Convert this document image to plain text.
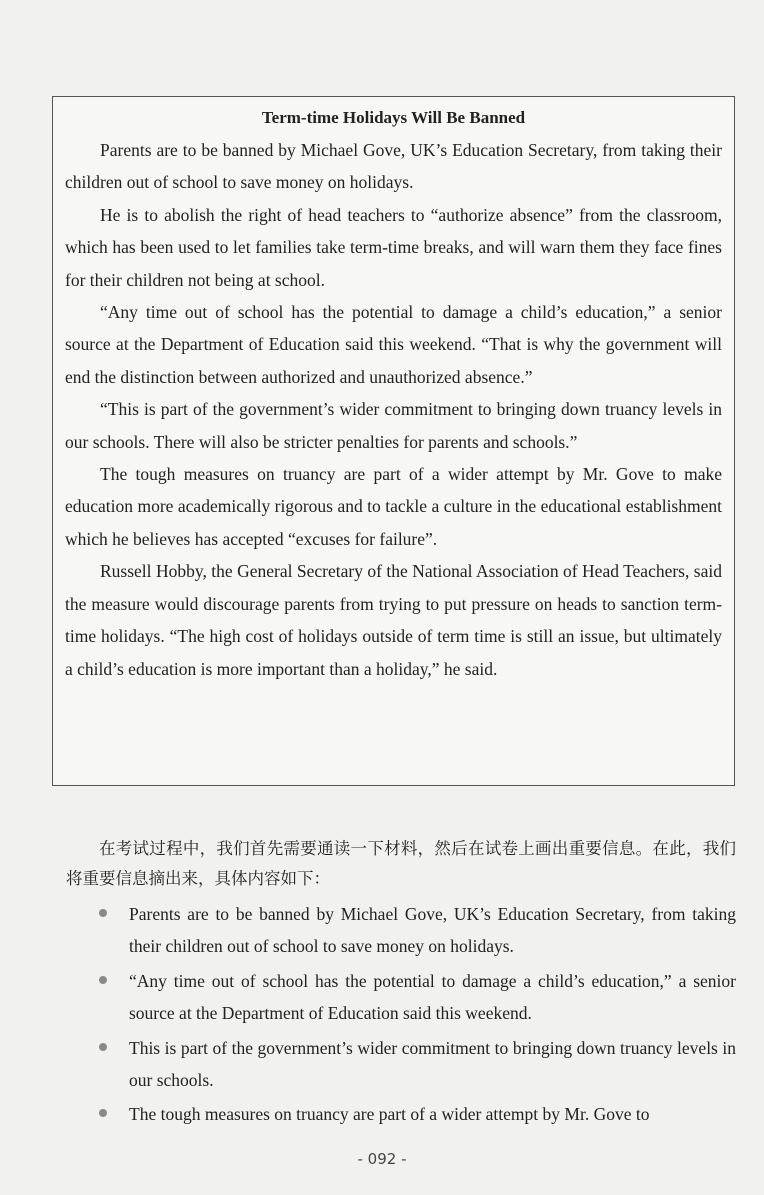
Term-time Holidays Will Be Banned

Parents are to be banned by Michael Gove, UK’s Education Secretary, from taking their children out of school to save money on holidays.

He is to abolish the right of head teachers to “authorize absence” from the classroom, which has been used to let families take term-time breaks, and will warn them they face fines for their children not being at school.

“Any time out of school has the potential to damage a child’s education,” a senior source at the Department of Education said this weekend. “That is why the government will end the distinction between authorized and unauthorized absence.”

“This is part of the government’s wider commitment to bringing down truancy levels in our schools. There will also be stricter penalties for parents and schools.”

The tough measures on truancy are part of a wider attempt by Mr. Gove to make education more academically rigorous and to tackle a culture in the educational establishment which he believes has accepted “excuses for failure”.

Russell Hobby, the General Secretary of the National Association of Head Teachers, said the measure would discourage parents from trying to put pressure on heads to sanction term-time holidays. “The high cost of holidays outside of term time is still an issue, but ultimately a child’s education is more important than a holiday,” he said.

在考试过程中，我们首先需要通读一下材料，然后在试卷上画出重要信息。在此，我们将重要信息摘出来，具体内容如下：

Parents are to be banned by Michael Gove, UK’s Education Secretary, from taking their children out of school to save money on holidays.
“Any time out of school has the potential to damage a child’s education,” a senior source at the Department of Education said this weekend.
This is part of the government’s wider commitment to bringing down truancy levels in our schools.
The tough measures on truancy are part of a wider attempt by Mr. Gove to
- 092 -
